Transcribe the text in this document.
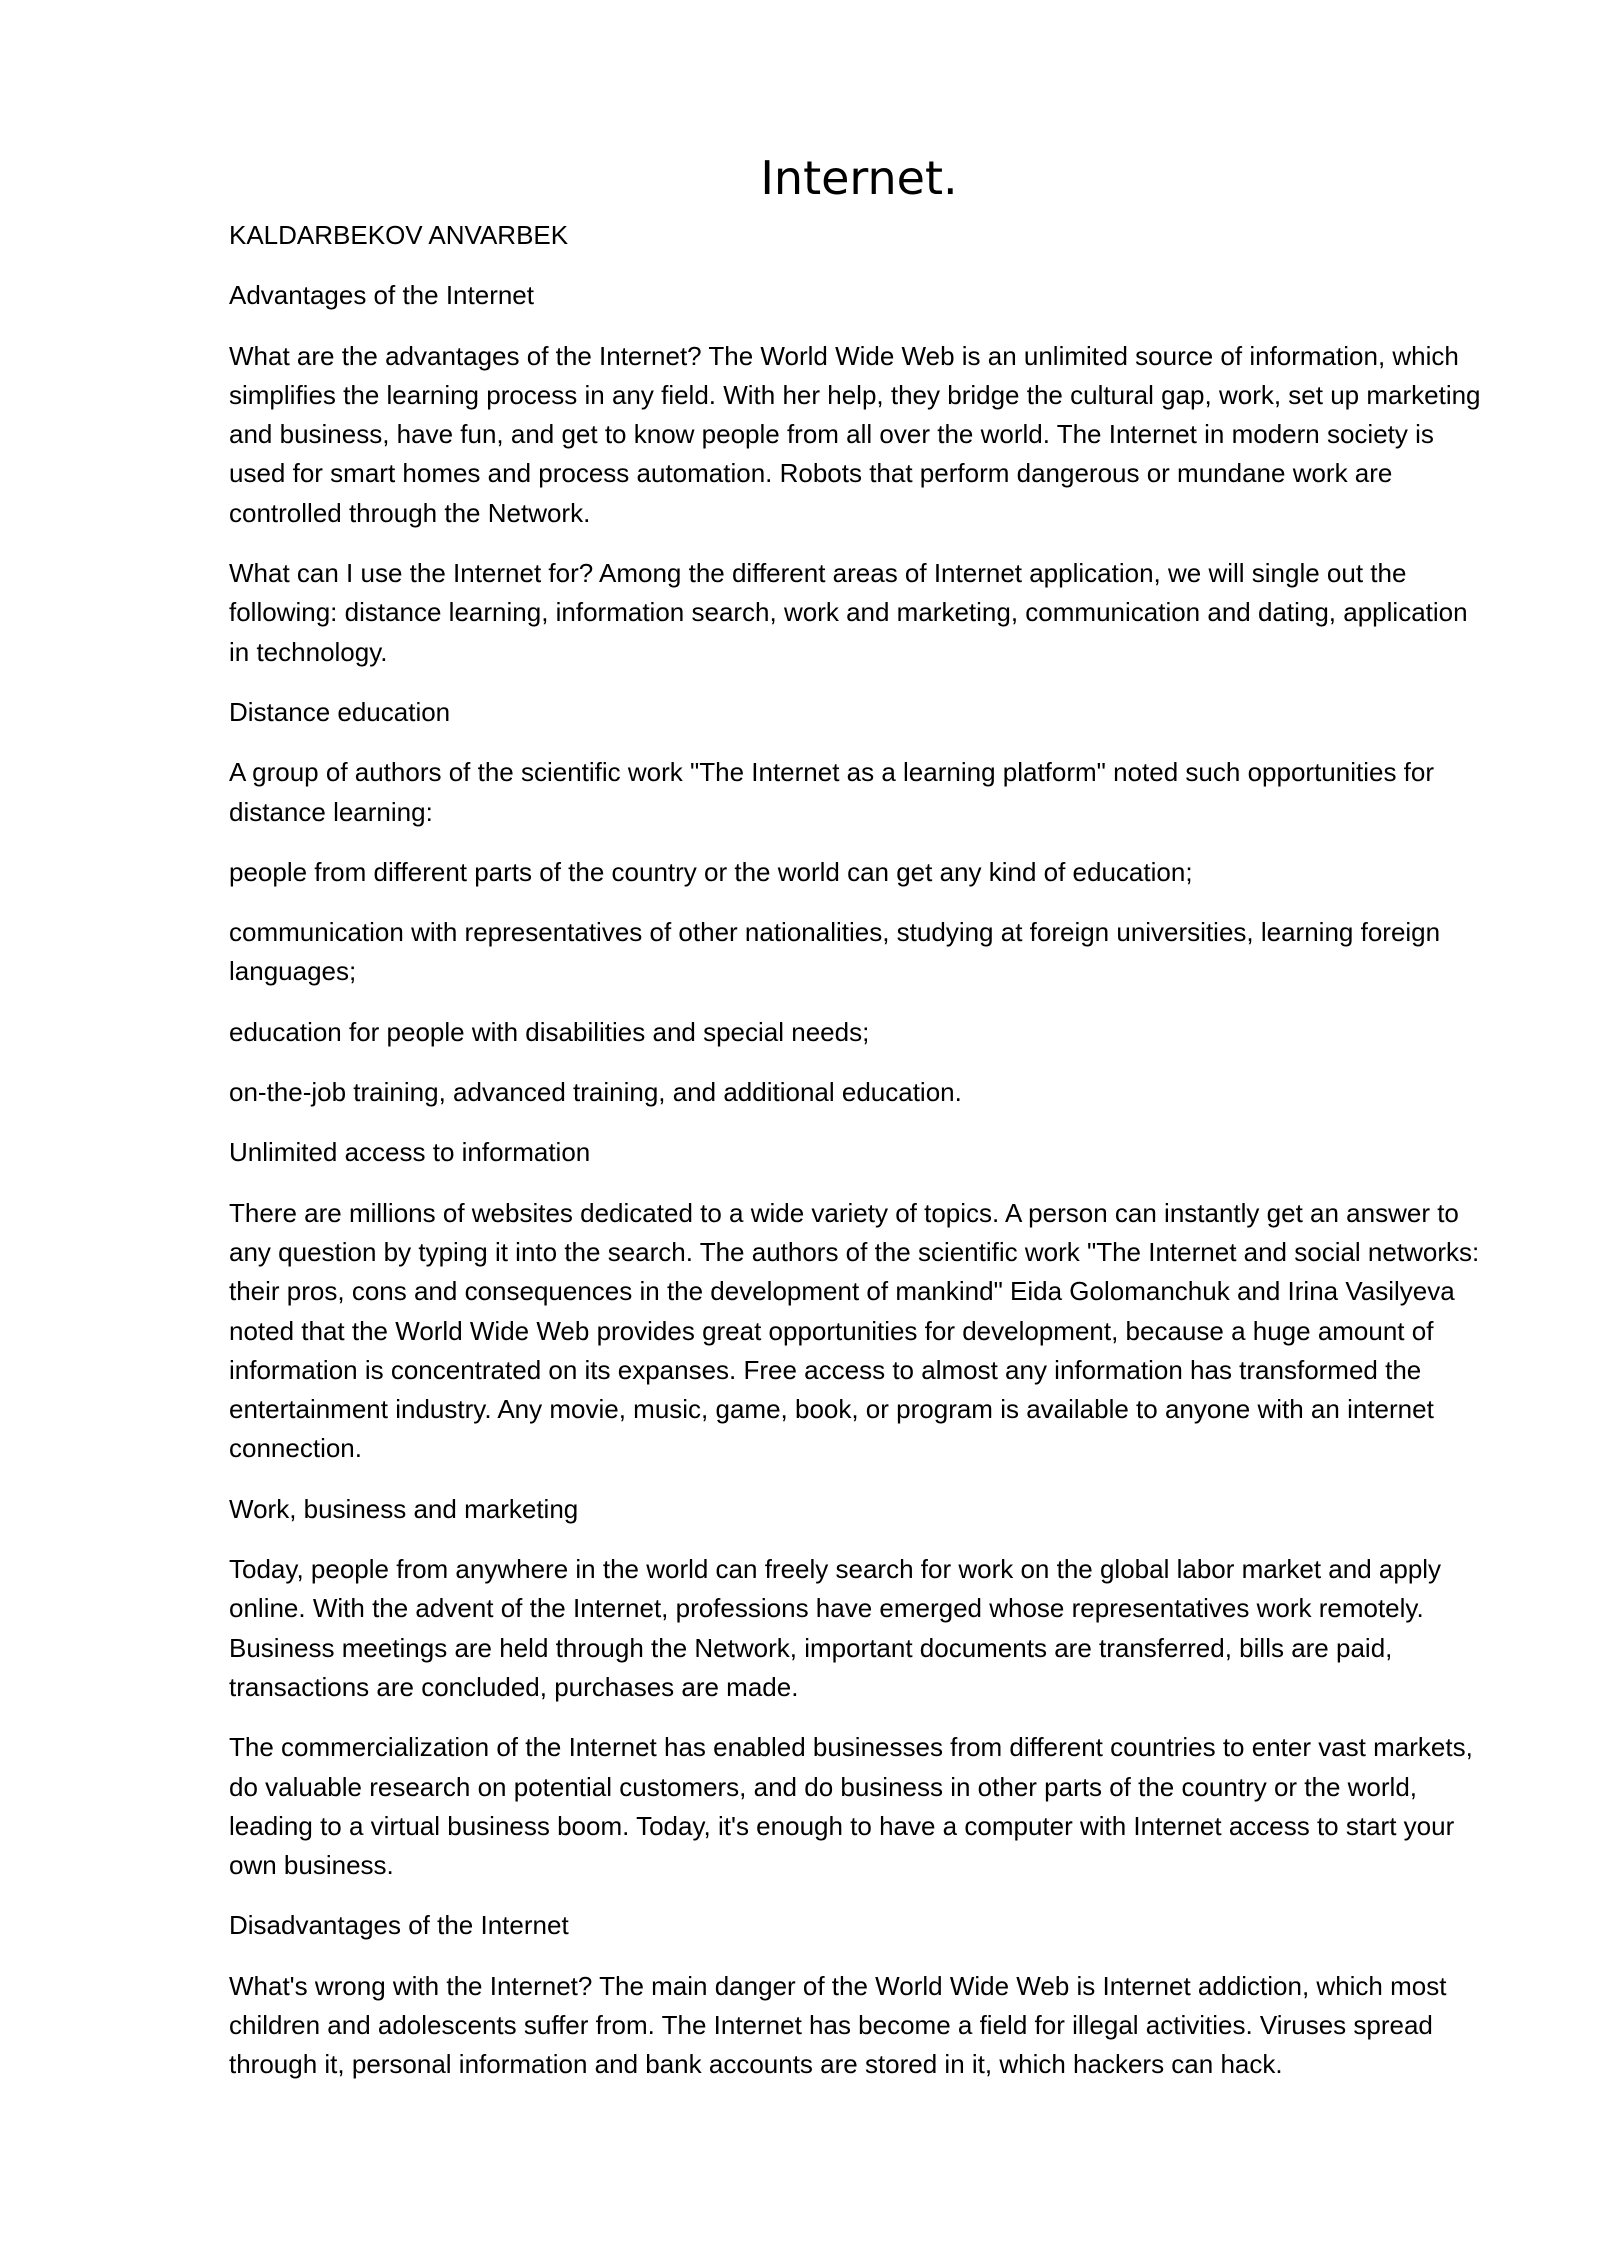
Internet.

KALDARBEKOV ANVARBEK

Advantages of the Internet

What are the advantages of the Internet? The World Wide Web is an unlimited source of information, which simplifies the learning process in any field. With her help, they bridge the cultural gap, work, set up marketing and business, have fun, and get to know people from all over the world. The Internet in modern society is used for smart homes and process automation. Robots that perform dangerous or mundane work are controlled through the Network.

What can I use the Internet for? Among the different areas of Internet application, we will single out the following: distance learning, information search, work and marketing, communication and dating, application in technology.

Distance education

A group of authors of the scientific work "The Internet as a learning platform" noted such opportunities for distance learning:

people from different parts of the country or the world can get any kind of education;

communication with representatives of other nationalities, studying at foreign universities, learning foreign languages;

education for people with disabilities and special needs;

on-the-job training, advanced training, and additional education.

Unlimited access to information

There are millions of websites dedicated to a wide variety of topics. A person can instantly get an answer to any question by typing it into the search. The authors of the scientific work "The Internet and social networks: their pros, cons and consequences in the development of mankind" Eida Golomanchuk and Irina Vasilyeva noted that the World Wide Web provides great opportunities for development, because a huge amount of information is concentrated on its expanses. Free access to almost any information has transformed the entertainment industry. Any movie, music, game, book, or program is available to anyone with an internet connection.

Work, business and marketing

Today, people from anywhere in the world can freely search for work on the global labor market and apply online. With the advent of the Internet, professions have emerged whose representatives work remotely. Business meetings are held through the Network, important documents are transferred, bills are paid, transactions are concluded, purchases are made.

The commercialization of the Internet has enabled businesses from different countries to enter vast markets, do valuable research on potential customers, and do business in other parts of the country or the world, leading to a virtual business boom. Today, it's enough to have a computer with Internet access to start your own business.

Disadvantages of the Internet

What's wrong with the Internet? The main danger of the World Wide Web is Internet addiction, which most children and adolescents suffer from. The Internet has become a field for illegal activities. Viruses spread through it, personal information and bank accounts are stored in it, which hackers can hack.
